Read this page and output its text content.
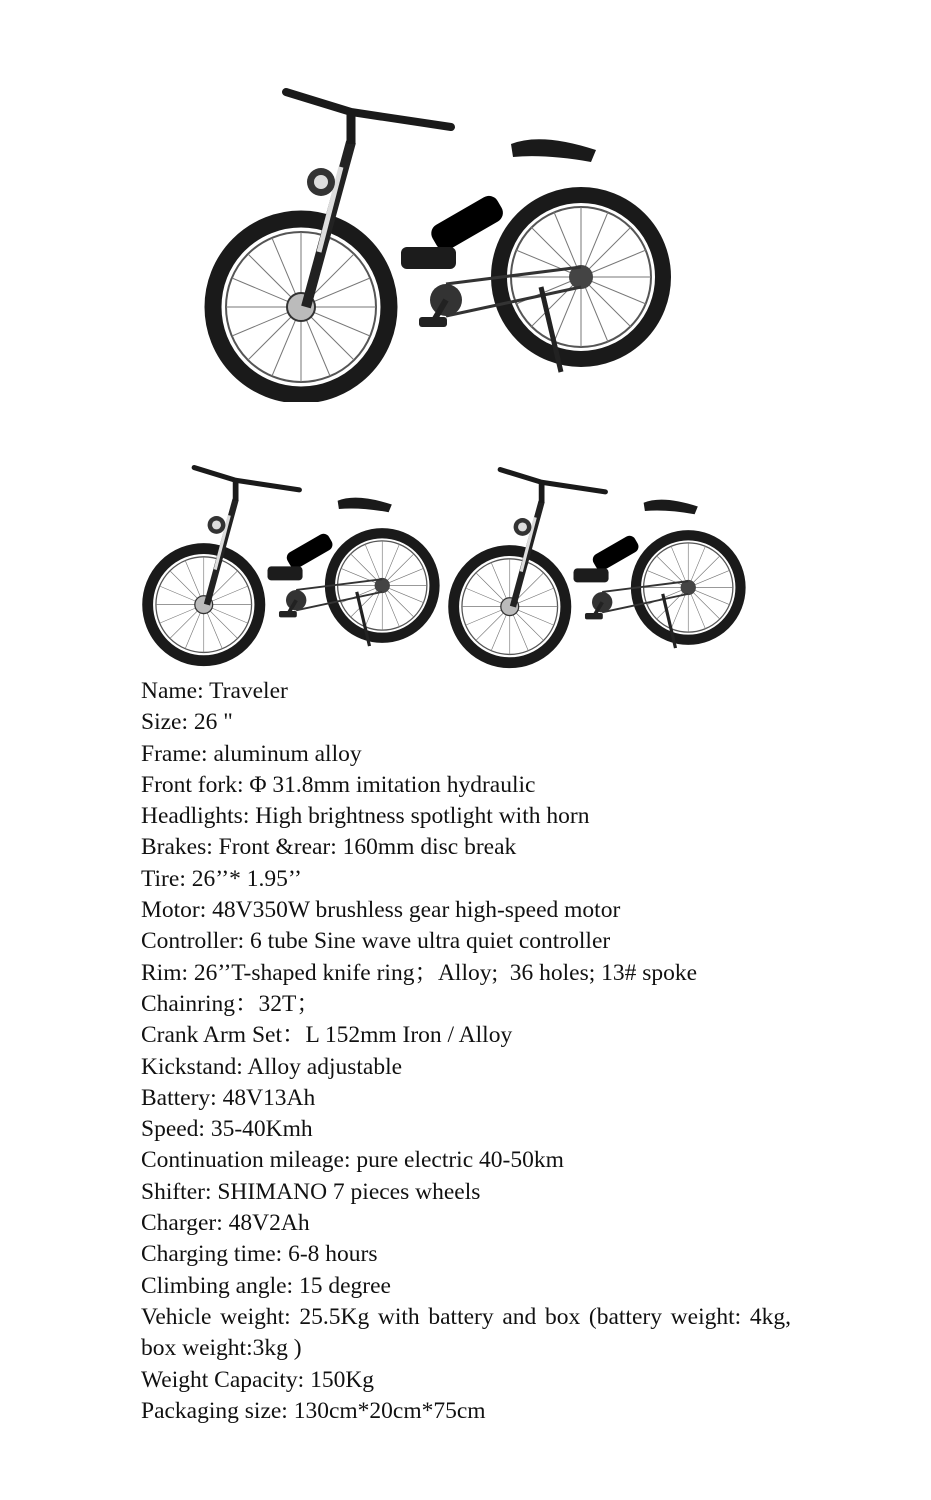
Name: Traveler
Size: 26 "
Frame: aluminum alloy
Front fork: Φ 31.8mm imitation hydraulic
Headlights: High brightness spotlight with horn
Brakes: Front &rear: 160mm disc break
Tire: 26’’* 1.95’’
Motor: 48V350W brushless gear high-speed motor
Controller: 6 tube Sine wave ultra quiet controller
Rim: 26’’T-shaped knife ring；Alloy;  36 holes; 13# spoke
Chainring：32T；
Crank Arm Set：L 152mm Iron / Alloy
Kickstand: Alloy adjustable
Battery: 48V13Ah
Speed: 35-40Kmh
Continuation mileage: pure electric 40-50km
Shifter: SHIMANO 7 pieces wheels
Charger: 48V2Ah
Charging time: 6-8 hours
Climbing angle: 15 degree
Vehicle weight: 25.5Kg with battery and box (battery weight: 4kg, box weight:3kg )
Weight Capacity: 150Kg
Packaging size: 130cm*20cm*75cm
